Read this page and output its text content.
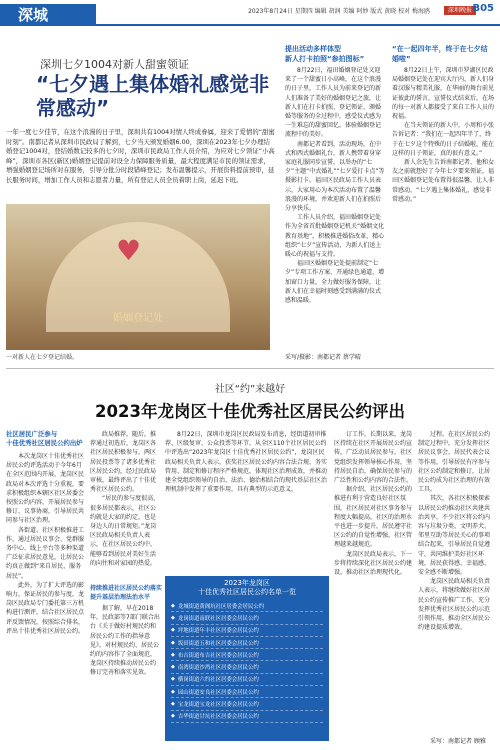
深城	2023年8月24日 星期四 编辑 胡润 美编 阿妙 版式 黄晓 校对 梅海鸥	深圳晚报 B05
深圳七夕1004对新人甜蜜领证
“七夕遇上集体婚礼感觉非常感动”
一年一度七夕佳节，在这个浪漫的日子里，深圳共有1004对情人终成眷属，迎来了爱情的“甜蜜时刻”。南都记者从深圳市民政局了解到，七夕当天颁发婚姻6.00，深圳在2023年七夕办理结婚登记1004对，登结婚数记较多的七夕时，深圳市民政局工作人员介绍，为应对七夕领证“小高峰”，深圳市各区(新区)婚姻登记提前对设全力保障服务质量，最大程度满足市民的领证需求，增强婚姻登记场所对在服务，引导分批分时段错峰登记；发布温馨提示，开展资料提前预审，延长服务时间，增加工作人员和志愿者力量，所有登记人员全员着职上岗，延迟下班。
♥
婚姻登记处
一对新人在七夕登记结婚。
提出活动多样体型
新人打卡拍照“参拍图标”

8月22日，福田婚姻登记处又迎来了一个甜蜜日小高峰，在这个浪漫的日子里，工作人员为前来登记的新人们准备了美好的婚姻登记之旅，让新人们在打卡拍照、登记领证、颁婚婚等服务的全过程中，感受仪式感为一生难忘的甜蜜回忆。体验婚姻登记流程中的美好。

南都记者看到，活动现场，在中式和西式婚姻礼台，新人携带着身穿家庭礼服同步宣誓，以举办的“七夕”主题“中式婚礼”“七夕爱打卡点”等摄影打卡。福田区民政局工作人员表示，大家用心为本次活动布置了温馨浪漫的环境，并欢迎新人们在拍照后分享快乐。

工作人员介绍，福田婚姻登记处作为全省首批婚姻登记机关“婚姻文化教育基地”，积极推进婚俗改革，精心组织“七夕”宣传活动，为新人们送上暖心的祝福与支持。

福田区婚姻登记处提前制定“七夕”专项工作方案，开通绿色通道，增加窗口力量，全力做好服务保障，让新人们在幸福时刻感受到满满的仪式感和温暖。

“在一起四年半，终于在七夕结婚啦”

8月22日上午，深圳市罗湖区民政局婚姻登记处在迎宾大厅内，新人们身着汉服与精美礼服，在华丽的舞台前见证彼此的誓言，宣誓仪式结束后，在场的每一对新人都接受了来自工作人员的祝福。

在当天领证的新人中，小周和小张告诉记者：“我们在一起四年半了，终于在七夕这个特殊的日子结婚啦，能在这样的日子领证，真的很有意义。”

新人余先生告诉南都记者，他和女友之前就想好了今年七夕要来领证，福田区婚姻登记处布置得很温馨，让人非常感动，“七夕遇上集体婚礼，感觉非常感动。”

采写/摄影：南都记者 蔡学晴
社区“约”来越好
2023年龙岗区十佳优秀社区居民公约评出
社区居民广泛参与
十佳优秀社区居民公约出炉

本次龙岗区十佳优秀社区居民公约评选活动于今年6月在全区范围内开展，龙岗区民政局对本次评选十分重视，要求积极组织本辖区社区居委会按照公约内容，开展居民参与修订、议事协商，引导居民共同参与社区治理。

各街道、社区积极推进工作，通过居民议事会、党群服务中心、线上平台等多种渠道广泛征求居民意见，让居民公约真正做到“来自居民、服务居民”。

此外，为了扩大评选的影响力，保证居民的参与度，龙岗区民政局专门委托第三方机构进行测评，结合社区居民点评反馈情况，按照综合排名，评出十佳优秀社区居民公约。

政局推荐，随后，推荐通过初选后，龙岗区各社区居民积极参与，两区居民投票等了诸多优秀社区居民公约，经过民政局审核，最终评出了十佳优秀社区居民公约。

“居民的参与度很高，很多居民都表示，社区公约就是大家的约定，也是身边人的日常规矩。”龙岗区民政局相关负责人表示，在社区居民公约中，能够看到居民对美好生活的向往和对家园的热爱。

持续推进社区居民公约落实
提升基层治理法治水平

据了解，早在2018年，民政部等7部门联合出台《关于做好村规民约和居民公约工作的指导意见》，对村规民约、居民公约的内容作了全面规范，龙岗区持续推动居民公约修订完善和落实见效。

8月22日，深圳市龙岗区民政局发布消息，经街道初审推荐、区级复审、公众投票等环节，从全区110个社区居民公约中评选出“2023年龙岗区十佳优秀社区居民公约”，龙岗区民政局相关负责人表示，获奖社区居民公约内容合法合规、务实管用、制定和修订程序严格规范，体现社区治理成效，并推动建全党组织领导的自治、法治、德治相结合的现代基层社区治理机制中发挥了重要作用，具有典型的示范意义。

2023年龙岗区
十佳优秀社区居民公约名单一览
◆ 龙城街道黄阁坑社区居委会居民公约
◆ 龙岗街道南联社区居委会居民公约
◆ 坪地街道年丰社区居委会居民公约
◆ 坂田街道五和社区居委会居民公约
◆ 布吉街道布吉社区居委会居民公约
◆ 南湾街道沙湾社区居委会居民公约
◆ 横岗街道六约社区居委会居民公约
◆ 园山街道安良社区居委会居民公约
◆ 宝龙街道宝龙社区居委会居民公约
◆ 吉华街道甘坑社区居委会居民公约

订工作，长期以来，龙岗区持续在社区开展居民公约宣传，广泛动员居民参与，社区党组织发挥领导核心作用，坚持居民自治，确保居民参与的广泛性和公约内容的合法性。

据介绍，社区居民公约的推进有利于营造良好社区氛围，社区居民对社区事务参与程度大幅提高，社区的治理水平也进一步提升，居民遵守社区公约的自觉性增强，社区管理越来越规范。

龙岗区民政局表示，下一步将持续深化社区居民公约建设，推动社区治理现代化。

过程。在社区居民公约制定过程中，充分发挥社区居民议事会、居民代表会议等作用，引导居民有序参与社区公约制定和修订，让居民公约成为社区治理的有效工具。

其次，各社区积极探索以居民公约推动社区共建共治共享，不少社区将公约内容与垃圾分类、文明养犬、邻里互助等居民关心的事项结合起来，引导居民自觉遵守，共同维护美好社区环境，居民获得感、幸福感、安全感不断增强。

龙岗区民政局相关负责人表示，将继续做好社区居民公约宣传推广工作，充分发挥优秀社区居民公约示范引领作用，推动全区居民公约建设提质增效。

采写：南都记者 顾雅
